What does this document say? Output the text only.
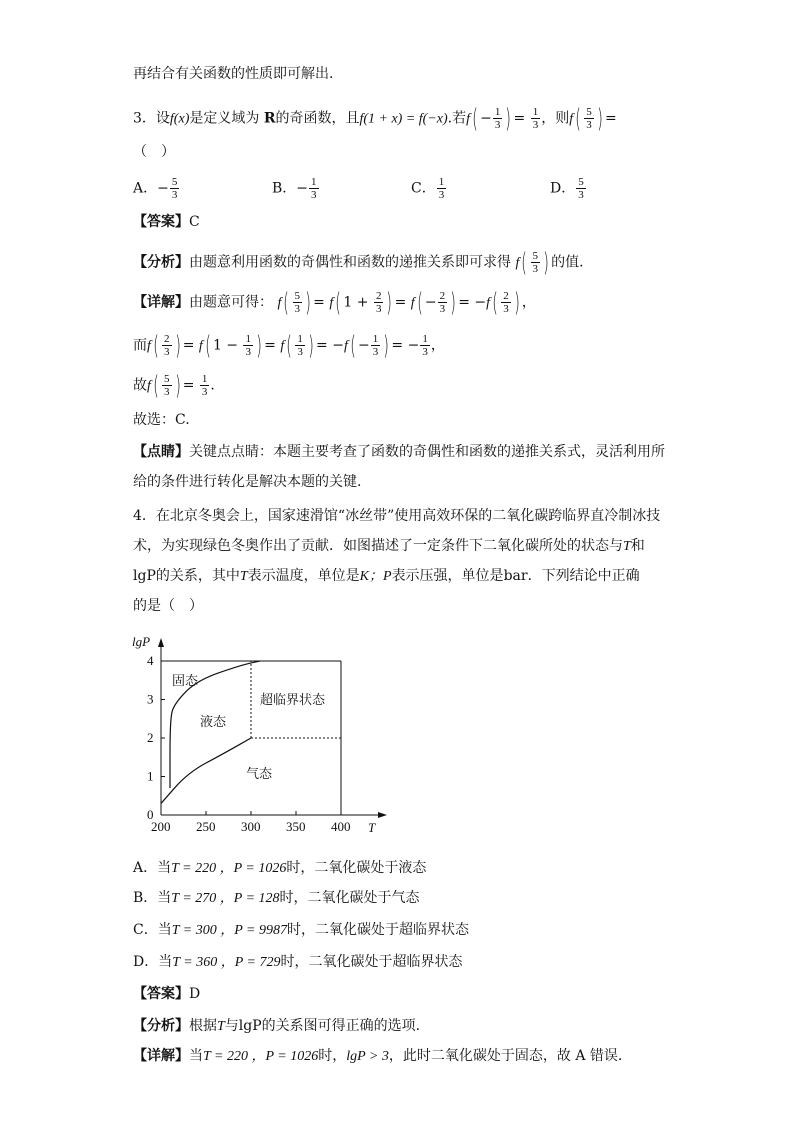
再结合有关函数的性质即可解出.
3．设f(x)是定义域为 R的奇函数，且f(1 + x) = f(−x).若$f( - \frac{1}{3}$ ) = $\frac{1}{3}$ ，则$f( \frac{5}{3}$ ) =
（　）
A．− $\frac{5}{3}$	B．− $\frac{1}{3}$	C． $\frac{1}{3}$	D． $\frac{5}{3}$
【答案】C
【分析】由题意利用函数的奇偶性和函数的递推关系即可求得 $f( \frac{5}{3}$ ) 的值.
【详解】由题意可得： $f( \frac{5}{3}$ ) = f( $1 + \frac{2}{3}$ ) = $f( - \frac{2}{3}$ ) = $-f( \frac{2}{3}$ ) ，
而$f( \frac{2}{3}$ ) = f( $1 - \frac{1}{3}$ ) = $f( \frac{1}{3}$ ) = $-f( - \frac{1}{3}$ ) = − $\frac{1}{3}$ ，
故$f( \frac{5}{3}$ ) = $\frac{1}{3}$ .
故选：C.
【点睛】关键点点睛：本题主要考查了函数的奇偶性和函数的递推关系式，灵活利用所
给的条件进行转化是解决本题的关键.
4．在北京冬奥会上，国家速滑馆“冰丝带”使用高效环保的二氧化碳跨临界直冷制冰技
术，为实现绿色冬奥作出了贡献．如图描述了一定条件下二氧化碳所处的状态与T和
lgP的关系，其中T表示温度，单位是K；P表示压强，单位是bar．下列结论中正确
的是（　）
200 250 300 350 400
0
1
2
3
4
lgP
T
固态
液态
超临界状态
气态
A．当T = 220 ，P = 1026时，二氧化碳处于液态
B．当T = 270 ，P = 128时，二氧化碳处于气态
C．当T = 300 ，P = 9987时，二氧化碳处于超临界状态
D．当T = 360 ，P = 729时，二氧化碳处于超临界状态
【答案】D
【分析】根据T与lgP的关系图可得正确的选项.
【详解】当T = 220 ，P = 1026时，lgP > 3，此时二氧化碳处于固态，故 A 错误.
